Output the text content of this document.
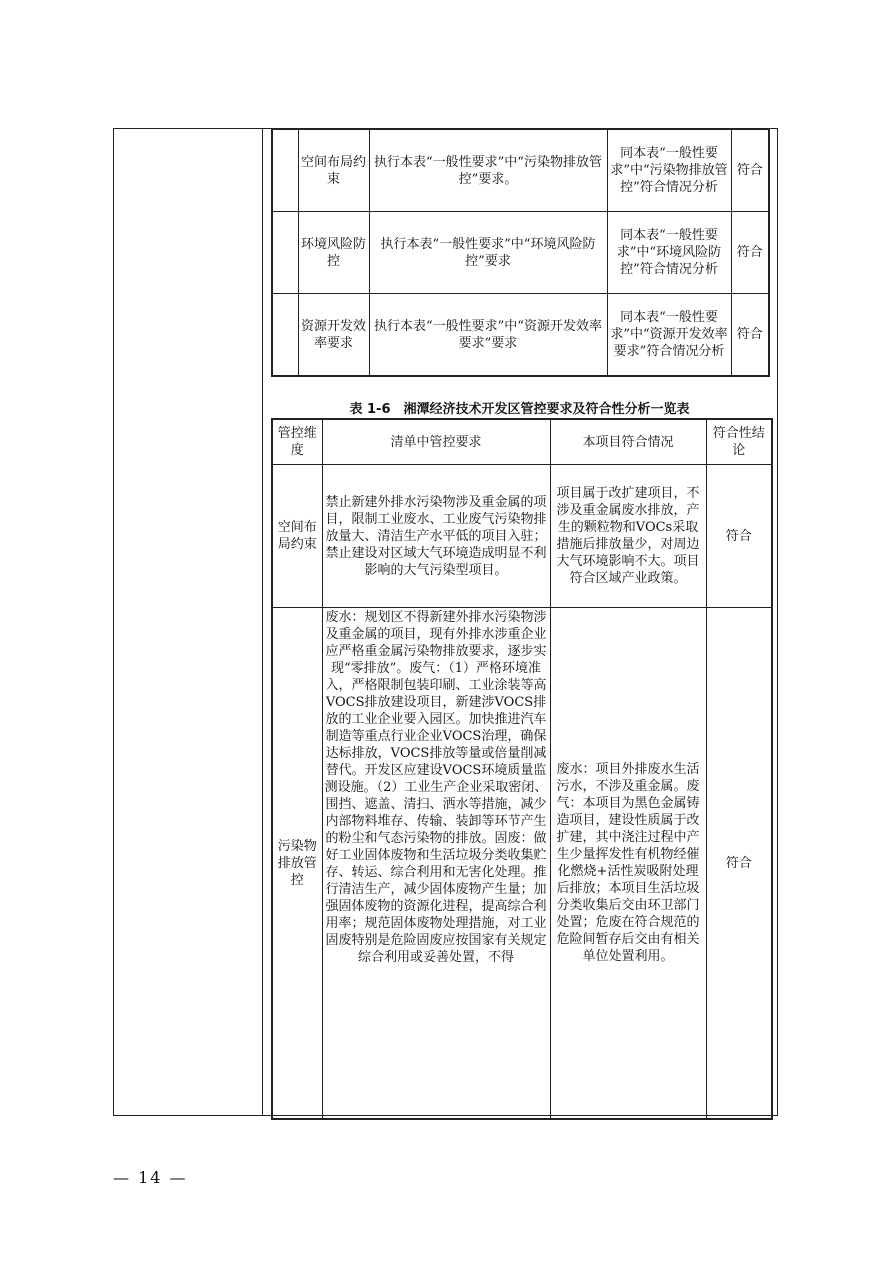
	空间布局约束	执行本表“一般性要求”中“污染物排放管控”要求。	同本表“一般性要求”中“污染物排放管控”符合情况分析	符合
	环境风险防控	执行本表“一般性要求”中“环境风险防控”要求	同本表“一般性要求”中“环境风险防控”符合情况分析	符合
	资源开发效率要求	执行本表“一般性要求”中“资源开发效率要求”要求	同本表“一般性要求”中“资源开发效率要求”符合情况分析	符合
表 1-6　湘潭经济技术开发区管控要求及符合性分析一览表
管控维度	清单中管控要求	本项目符合情况	符合性结论
空间布局约束	禁止新建外排水污染物涉及重金属的项目，限制工业废水、工业废气污染物排放量大、清洁生产水平低的项目入驻；禁止建设对区域大气环境造成明显不利影响的大气污染型项目。	项目属于改扩建项目，不涉及重金属废水排放，产生的颗粒物和VOCs采取措施后排放量少，对周边大气环境影响不大。项目符合区域产业政策。	符合
污染物排放管控	废水：规划区不得新建外排水污染物涉及重金属的项目，现有外排水涉重企业应严格重金属污染物排放要求，逐步实现“零排放”。废气：（1）严格环境准入，严格限制包装印刷、工业涂装等高VOCS排放建设项目，新建涉VOCS排放的工业企业要入园区。加快推进汽车制造等重点行业企业VOCS治理，确保达标排放，VOCS排放等量或倍量削减替代。开发区应建设VOCS环境质量监测设施。（2）工业生产企业采取密闭、围挡、遮盖、清扫、洒水等措施，减少内部物料堆存、传输、装卸等环节产生的粉尘和气态污染物的排放。固废：做好工业固体废物和生活垃圾分类收集贮存、转运、综合利用和无害化处理。推行清洁生产，减少固体废物产生量；加强固体废物的资源化进程，提高综合利用率；规范固体废物处理措施，对工业固废特别是危险固废应按国家有关规定综合利用或妥善处置，不得	废水：项目外排废水生活污水，不涉及重金属。废气：本项目为黑色金属铸造项目，建设性质属于改扩建，其中浇注过程中产生少量挥发性有机物经催化燃烧+活性炭吸附处理后排放；本项目生活垃圾分类收集后交由环卫部门处置；危废在符合规范的危险间暂存后交由有相关单位处置利用。	符合
— 14 —
